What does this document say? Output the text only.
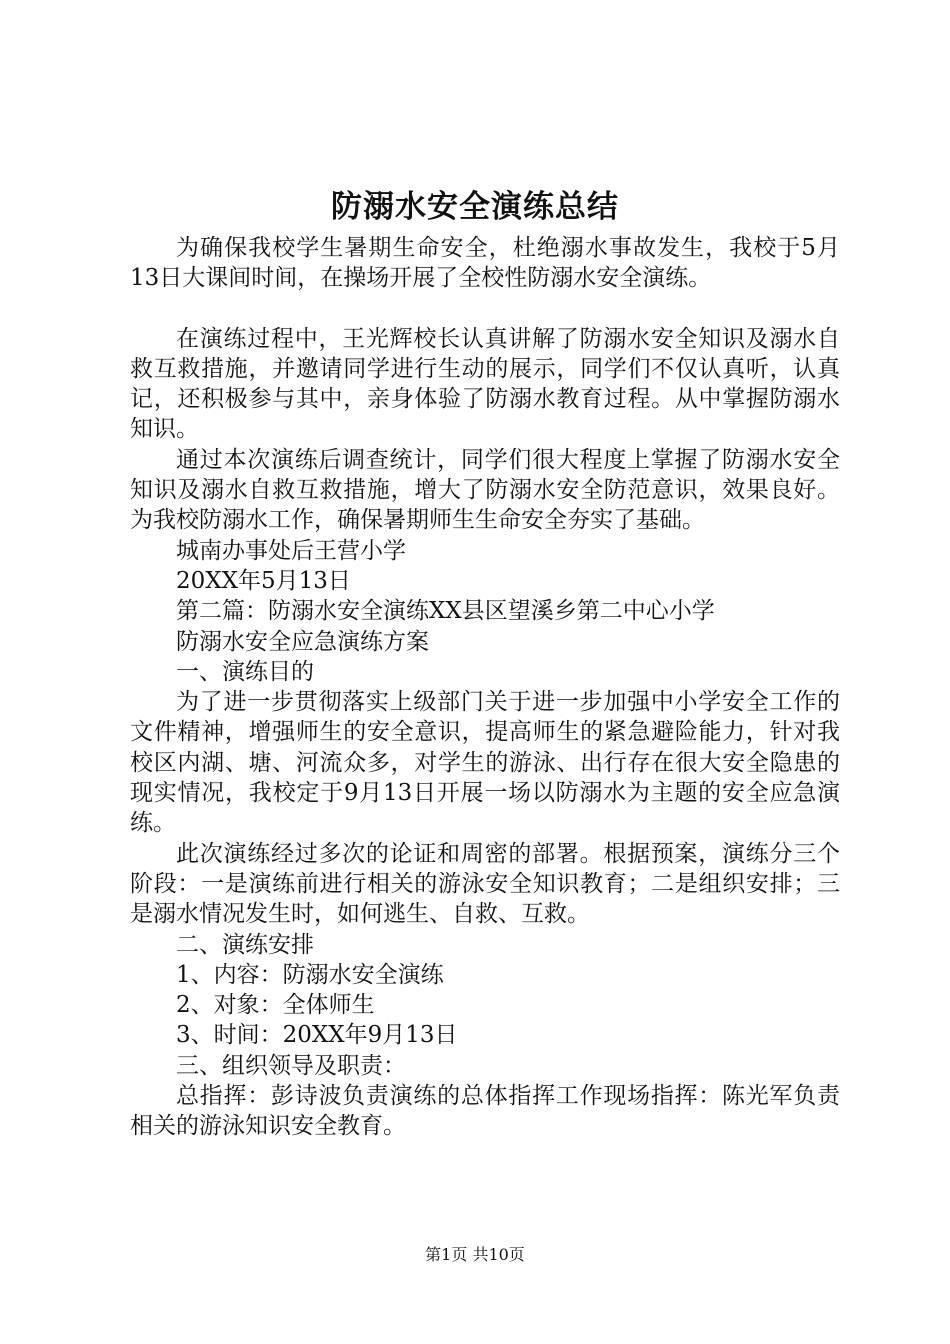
防溺水安全演练总结

为确保我校学生暑期生命安全，杜绝溺水事故发生，我校于5月13日大课间时间，在操场开展了全校性防溺水安全演练。

在演练过程中，王光辉校长认真讲解了防溺水安全知识及溺水自救互救措施，并邀请同学进行生动的展示，同学们不仅认真听，认真记，还积极参与其中，亲身体验了防溺水教育过程。从中掌握防溺水知识。

通过本次演练后调查统计，同学们很大程度上掌握了防溺水安全知识及溺水自救互救措施，增大了防溺水安全防范意识，效果良好。为我校防溺水工作，确保暑期师生生命安全夯实了基础。

城南办事处后王营小学

20XX年5月13日

第二篇：防溺水安全演练XX县区望溪乡第二中心小学

防溺水安全应急演练方案

一、演练目的

为了进一步贯彻落实上级部门关于进一步加强中小学安全工作的文件精神，增强师生的安全意识，提高师生的紧急避险能力，针对我校区内湖、塘、河流众多，对学生的游泳、出行存在很大安全隐患的现实情况，我校定于9月13日开展一场以防溺水为主题的安全应急演练。

此次演练经过多次的论证和周密的部署。根据预案，演练分三个阶段：一是演练前进行相关的游泳安全知识教育；二是组织安排；三是溺水情况发生时，如何逃生、自救、互救。

二、演练安排

1、内容：防溺水安全演练

2、对象：全体师生

3、时间：20XX年9月13日

三、组织领导及职责：

总指挥：彭诗波负责演练的总体指挥工作现场指挥：陈光军负责相关的游泳知识安全教育。

第1页 共10页
